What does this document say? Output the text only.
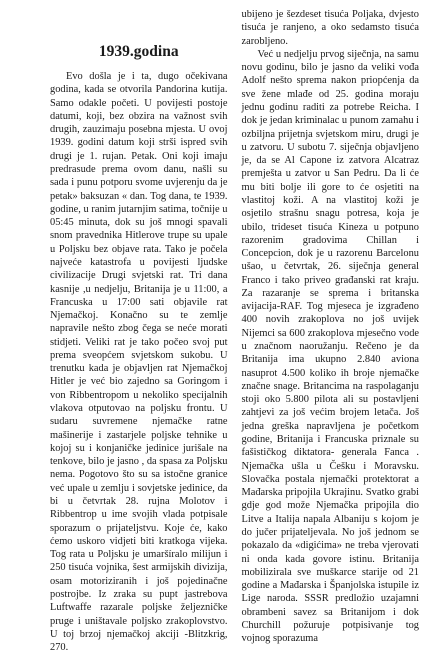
1939.godina

Evo došla je i ta, dugo očekivana godina, kada se otvorila Pandorina kutija. Samo odakle početi. U povijesti postoje datumi, koji, bez obzira na važnost svih drugih, zauzimaju posebna mjesta. U ovoj 1939. godini datum koji strši ispred svih drugi je 1. rujan. Petak. Oni koji imaju predrasude prema ovom danu, našli su sada i punu potporu svome uvjerenju da je petak» baksuzan « dan. Tog dana, te 1939. godine, u ranim jutarnjim satima, točnije u 05:45 minuta, dok su još mnogi spavali snom pravednika Hitlerove trupe su upale u Poljsku bez objave rata. Tako je počela najveće katastrofa u povijesti ljudske civilizacije Drugi svjetski rat. Tri dana kasnije ,u nedjelju, Britanija je u 11:00, a Francuska u 17:00 sati objavile rat Njemačkoj. Konačno su te zemlje napravile nešto zbog čega se neće morati stidjeti. Veliki rat je tako počeo svoj put prema sveopćem svjetskom sukobu. U trenutku kada je objavljen rat Njemačkoj Hitler je već bio zajedno sa Goringom i von Ribbentropom u nekoliko specijalnih vlakova otputovao na poljsku frontu. U sudaru suvremene njemačke ratne mašinerije i zastarjele poljske tehnike u kojoj su i konjaničke jedinice jurišale na tenkove, bilo je jasno , da spasa za Poljsku nema. Pogotovo što su sa istočne granice već upale u zemlju i sovjetske jedinice, da bi u četvrtak 28. rujna Molotov i Ribbentrop u ime svojih vlada potpisale sporazum o prijateljstvu. Koje će, kako ćemo uskoro vidjeti biti kratkoga vijeka. Tog rata u Poljsku je umaršíralo milijun i 250 tisuća vojnika, šest armijskih divizija, osam motoriziranih i još pojedinačne postrojbe. Iz zraka su pupt jastrebova Luftwaffe razarale poljske željezničke pruge i uništavale poljsko zrakoplovstvo. U toj brzoj njemačkoj akciji -Blitzkrig, 270.

ubijeno je šezdeset tisuća Poljaka, dvjesto tisuća je ranjeno, a oko sedamsto tisuća zarobljeno.

Već u nedjelju prvog siječnja, na samu novu godinu, bilo je jasno da veliki vođa Adolf nešto sprema nakon priopćenja da sve žene mlađe od 25. godina moraju jednu godinu raditi za potrebe Reicha. I dok je jedan kriminalac u punom zamahu i ozbiljna prijetnja svjetskom miru, drugi je u zatvoru. U subotu 7. siječnja objavljeno je, da se Al Capone iz zatvora Alcatraz premješta u zatvor u San Pedru. Da li će mu biti bolje ili gore to će osjetiti na vlastitoj koži. A na vlastitoj koži je osjetilo strašnu snagu potresa, koja je ubilo, trideset tisuća Kineza u potpuno razorenim gradovima Chillan i Concepcion, dok je u razorenu Barcelonu ušao, u četvrtak, 26. siječnja general Franco i tako priveo građanski rat kraju. Za razaranje se sprema i britanska avijacija-RAF. Tog mjeseca je izgrađeno 400 novih zrakoplova no još uvijek Nijemci sa 600 zrakoplova mjesečno vode u značnom naoružanju. Rečeno je da Britanija ima ukupno 2.840 aviona nasuprot 4.500 koliko ih broje njemačke značne snage. Britancima na raspolaganju stoji oko 5.800 pilota ali su postavljeni zahtjevi za još većim brojem letača. Još jedna greška napravljena je početkom godine, Britanija i Francuska priznale su fašističkog diktatora- generala Fanca . Njemačka ušla u Češku i Moravsku. Slovačka postala njemački protektorat a Mađarska pripojila Ukrajinu. Svatko grabi gdje god može Njemačka pripojila dio Litve a Italija napala Albaniju s kojom je do jučer prijateljevala. No još jednom se pokazalo da «digićima» ne treba vjerovati ni onda kada govore istinu. Britanija mobilizirala sve muškarce starije od 21 godine a Mađarska i Španjolska istupile iz Lige naroda. SSSR predložio uzajamni obrambeni savez sa Britanijom i dok Churchill požuruje potpisivanje tog vojnog sporazuma
